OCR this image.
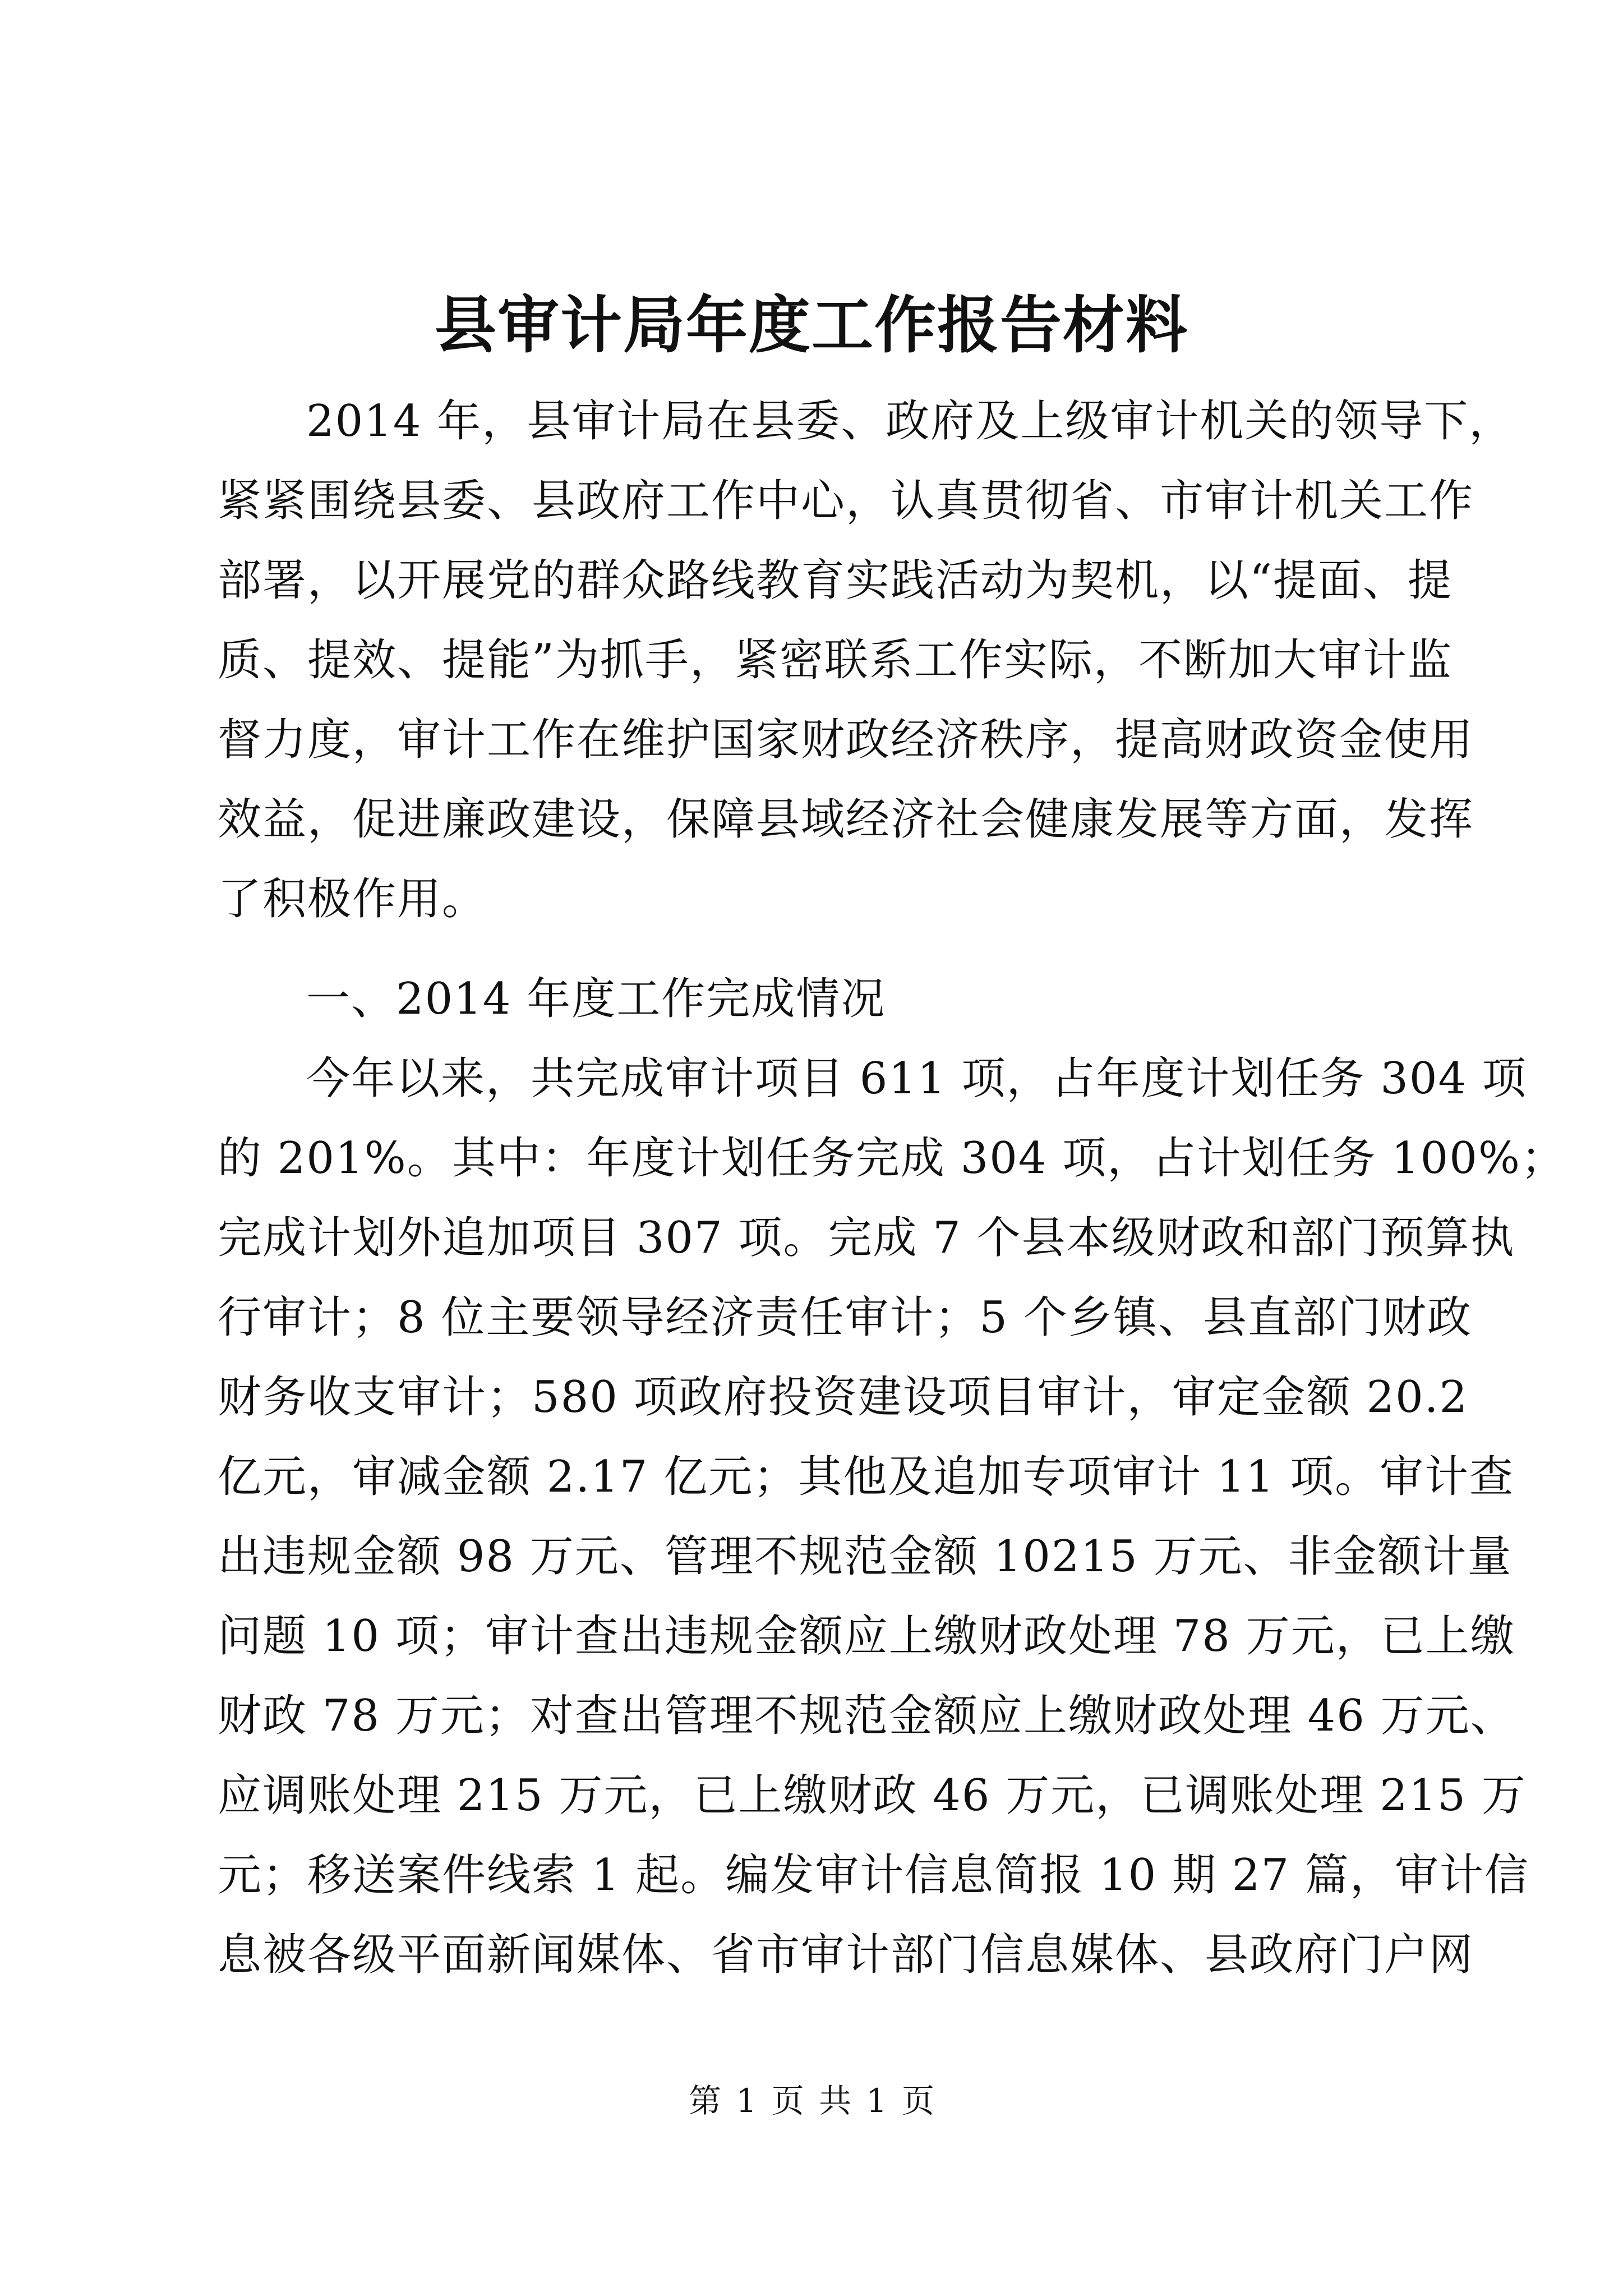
县审计局年度工作报告材料
2014 年，县审计局在县委、政府及上级审计机关的领导下，
紧紧围绕县委、县政府工作中心，认真贯彻省、市审计机关工作
部署，以开展党的群众路线教育实践活动为契机，以“提面、提
质、提效、提能”为抓手，紧密联系工作实际，不断加大审计监
督力度，审计工作在维护国家财政经济秩序，提高财政资金使用
效益，促进廉政建设，保障县域经济社会健康发展等方面，发挥
了积极作用。
一、2014 年度工作完成情况
今年以来，共完成审计项目 611 项，占年度计划任务 304 项
的 201%。其中：年度计划任务完成 304 项，占计划任务 100%；
完成计划外追加项目 307 项。完成 7 个县本级财政和部门预算执
行审计；8 位主要领导经济责任审计；5 个乡镇、县直部门财政
财务收支审计；580 项政府投资建设项目审计，审定金额 20.2
亿元，审减金额 2.17 亿元；其他及追加专项审计 11 项。审计查
出违规金额 98 万元、管理不规范金额 10215 万元、非金额计量
问题 10 项；审计查出违规金额应上缴财政处理 78 万元，已上缴
财政 78 万元；对查出管理不规范金额应上缴财政处理 46 万元、
应调账处理 215 万元，已上缴财政 46 万元，已调账处理 215 万
元；移送案件线索 1 起。编发审计信息简报 10 期 27 篇，审计信
息被各级平面新闻媒体、省市审计部门信息媒体、县政府门户网
第 1 页 共 1 页
